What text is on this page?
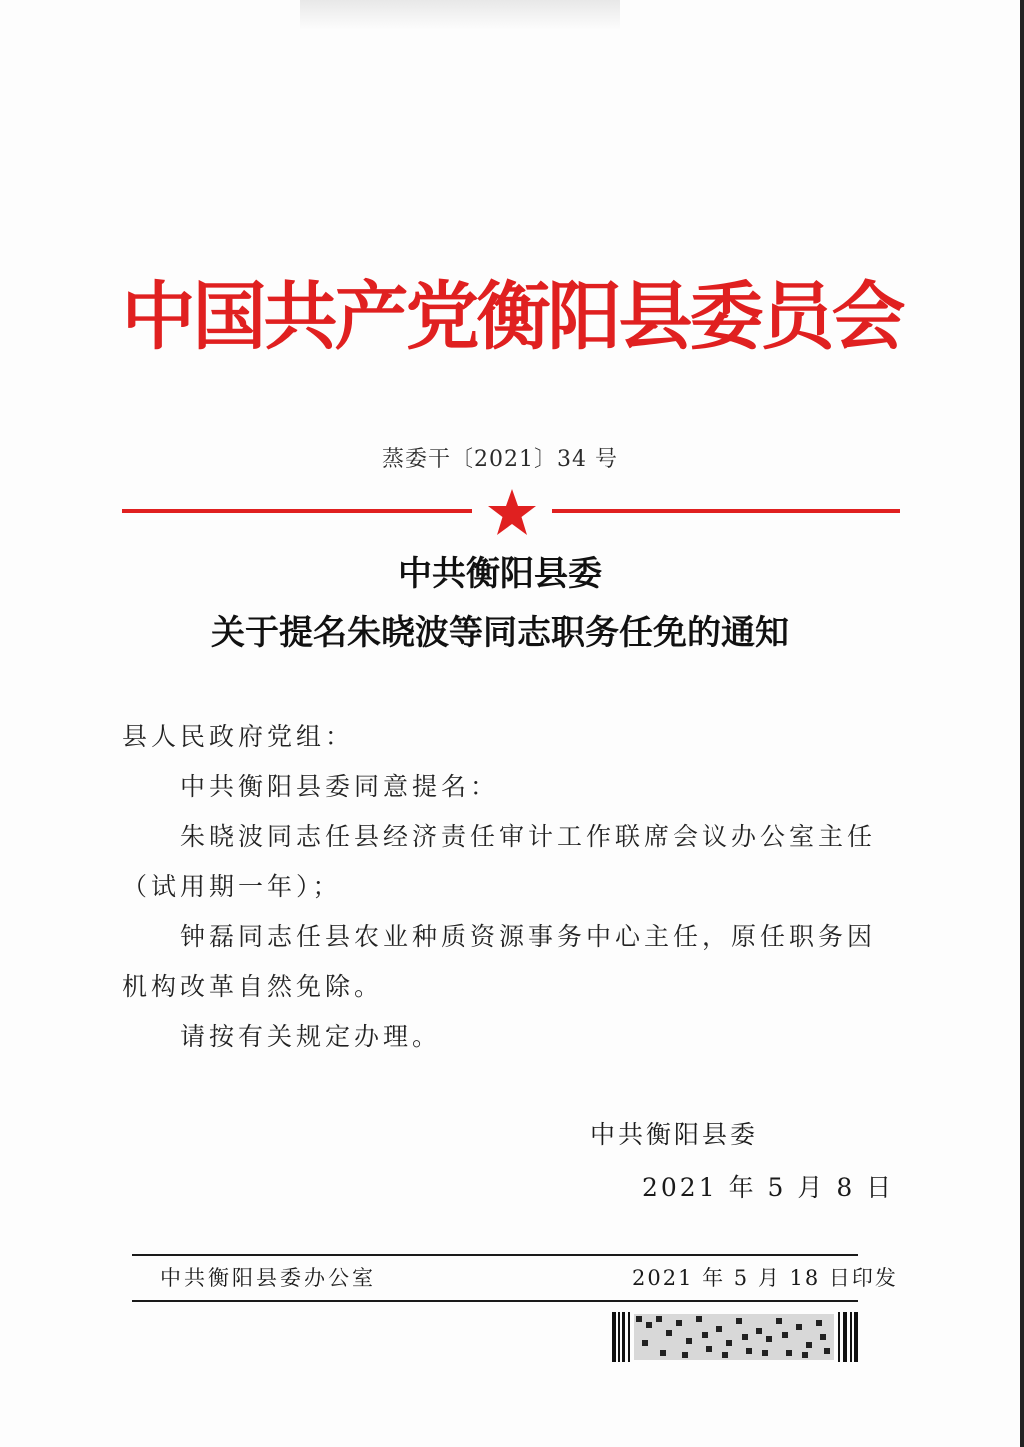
中国共产党衡阳县委员会
蒸委干〔2021〕34 号
中共衡阳县委
关于提名朱晓波等同志职务任免的通知
县人民政府党组：
中共衡阳县委同意提名：
朱晓波同志任县经济责任审计工作联席会议办公室主任（试用期一年）；
钟磊同志任县农业种质资源事务中心主任，原任职务因机构改革自然免除。
请按有关规定办理。
中共衡阳县委
2021 年 5 月 8 日
中共衡阳县委办公室	2021 年 5 月 18 日印发
